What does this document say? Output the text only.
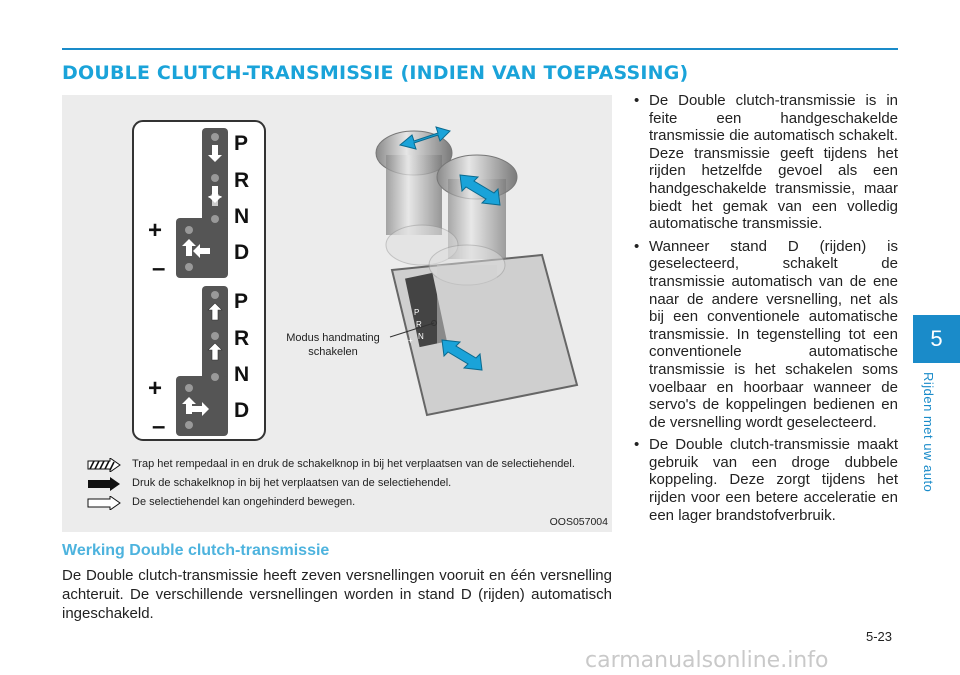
DOUBLE CLUTCH-TRANSMISSIE (INDIEN VAN TOEPASSING)
P
R
N
D
+
–
P
R
N
D
+
–
P
R
N
+
Modus handmating schakelen
Trap het rempedaal in en druk de schakelknop in bij het verplaatsen van de selectiehendel.
Druk de schakelknop in bij het verplaatsen van de selectiehendel.
De selectiehendel kan ongehinderd bewegen.
OOS057004
Werking Double clutch-transmissie
De Double clutch-transmissie heeft zeven versnellingen vooruit en één versnelling achteruit. De verschillende versnellingen worden in stand D (rijden) automatisch ingeschakeld.
• De Double clutch-transmissie is in feite een handgeschakelde transmissie die automatisch schakelt. Deze transmissie geeft tijdens het rijden hetzelfde gevoel als een handgeschakelde transmissie, maar biedt het gemak van een volledig automatische transmissie.
• Wanneer stand D (rijden) is geselecteerd, schakelt de transmissie automatisch van de ene naar de andere versnelling, net als bij een conventionele automatische transmissie. In tegenstelling tot een conventionele automatische transmissie is het schakelen soms voelbaar en hoorbaar wanneer de servo's de koppelingen bedienen en de versnelling wordt geselecteerd.
• De Double clutch-transmissie maakt gebruik van een droge dubbele koppeling. Deze zorgt tijdens het rijden voor een betere acceleratie en een lager brandstofverbruik.
5
Rijden met uw auto
5-23
carmanualsonline.info
